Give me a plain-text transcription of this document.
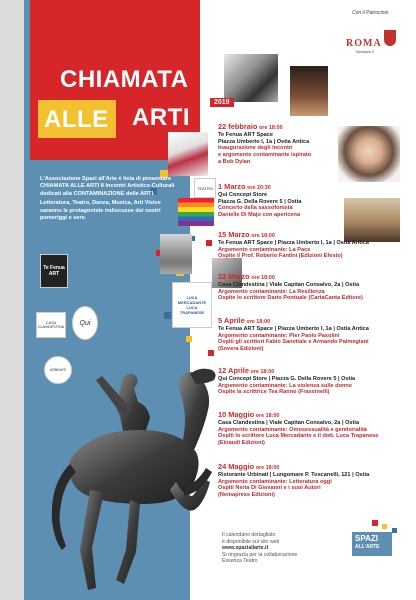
CHIAMATA
ALLE ARTI

L'Associazione Spazi all'Arte è lieta di presentare CHIAMATA ALLE ARTI 8 Incontri Artistico-Culturali dedicati alla CONTAMINAZIONE delle ARTI.

Letteratura, Teatro, Danza, Musica, Arti Visive saranno le protagoniste indiscusse dei nostri pomeriggi e sere.

Te Fenua ART
CASA CLANDESTINA
Qui
URBINATI
Con il Patrocinio
ROMA
Municipio X
TEATRO
LUCA MERCADANTE LUCA TRAPANESE
2019
22 febbraio ore 18:00
Te Fenua ART Space
Piazza Umberto I, 1a | Ostia Antica
Inaugurazione degli incontri
e argomento contaminante ispirato
a Bob Dylan
1 Marzo ore 20:30
Qui Concept Store
Piazza G. Della Rovere 5 | Ostia
Concerto della sassofonista
Danielle Di Majo con apericena
15 Marzo ore 18:00
Te Fenua ART Space | Piazza Umberto I, 1a | Ostia Antica
Argomento contaminante: La Pace
Ospite il Prof. Roberto Fantini (Edizioni Efesto)
22 Marzo ore 18:00
Casa Clandestina | Viale Capitan Consalvo, 2a | Ostia
Argomento contaminante: La Resilienza
Ospite lo scrittore Dario Pontuale (CartaCanta Editore)
5 Aprile ore 18:00
Te Fenua ART Space | Piazza Umberto I, 1a | Ostia Antica
Argomento contaminante: Pier Paolo Pasolini
Ospiti gli scrittori Fabio Sanvitale e Armando Palmegiani
(Sovera Edizioni)
12 Aprile ore 18:00
Qui Concept Store | Piazza G. Della Rovere 5 | Ostia
Argomento contaminante: La violenza sulle donne
Ospite la scrittrice Tea Ranno (Frassinelli)
10 Maggio ore 18:00
Casa Clandestina | Viale Capitan Consalvo, 2a | Ostia
Argomento contaminante: Omosessualità e genitorialità
Ospiti lo scrittore Luca Mercadante e il dott. Luca Trapanese
(Einaudi Edizioni)
24 Maggio ore 18:00
Ristorante Urbinati | Lungomare P. Toscanelli, 121 | Ostia
Argomento contaminante: Letteratura oggi
Ospiti Neria Di Giovanni e i suoi Autori
(Nemapress Edizioni)
Il calendario dettagliato
è disponibile sul sito web
www.spazіallarte.it
Si ringrazia per la collaborazione
Essenza Teatro
SPAZI
ALL'ARTE
